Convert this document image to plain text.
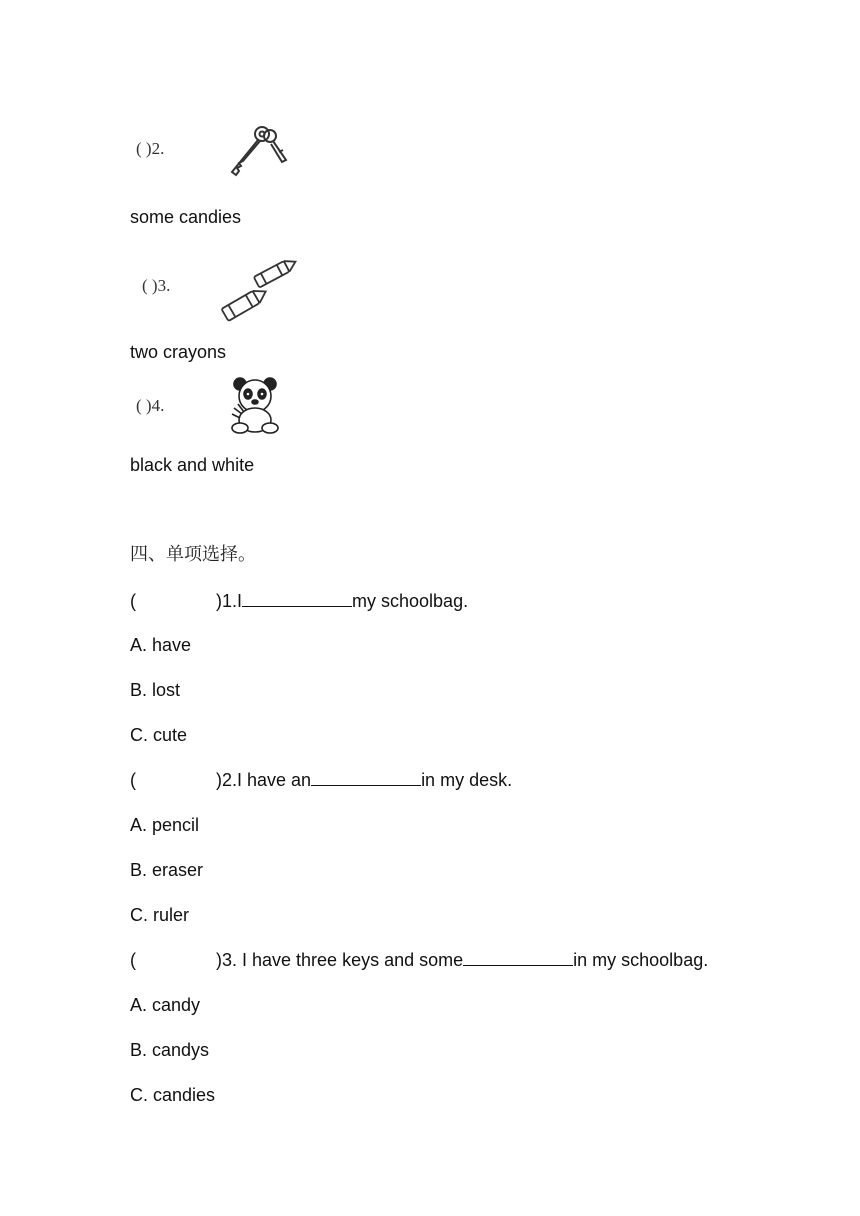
( )2.
some candies
( )3.
two crayons
( )4.
black and white
四、单项选择。
(	)1.I	my schoolbag.
A. have
B. lost
C. cute
(	)2.I have an	in my desk.
A. pencil
B. eraser
C. ruler
(	)3. I have three keys and some	in my schoolbag.
A. candy
B. candys
C. candies
